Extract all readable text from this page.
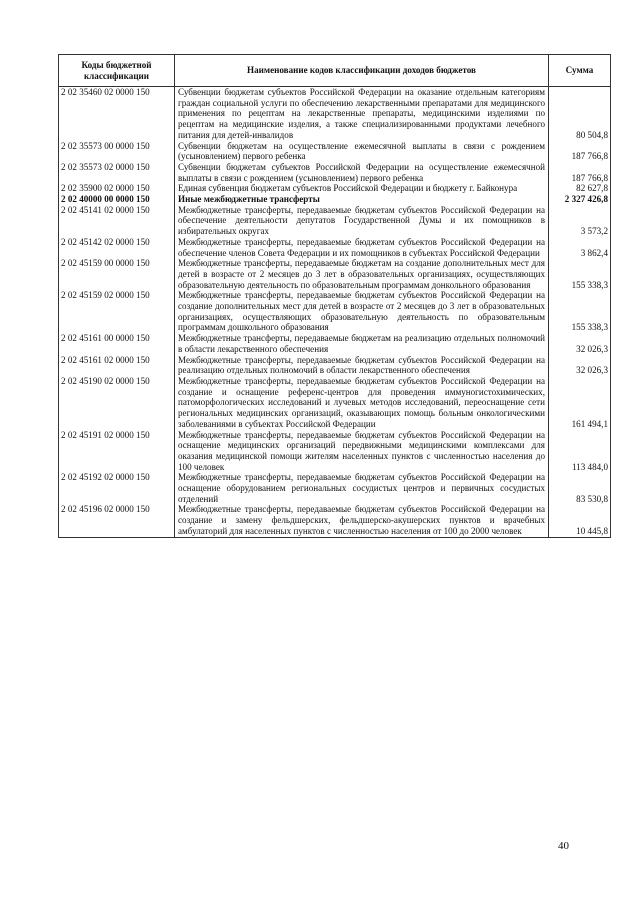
Коды бюджетной классификации	Наименование кодов классификации доходов бюджетов	Сумма
2 02 35460 02 0000 150	Субвенции бюджетам субъектов Российской Федерации на оказание отдельным категориям граждан социальной услуги по обеспечению лекарственными препаратами для медицинского применения по рецептам на лекарственные препараты, медицинскими изделиями по рецептам на медицинские изделия, а также специализированными продуктами лечебного питания для детей-инвалидов	80 504,8
2 02 35573 00 0000 150	Субвенции бюджетам на осуществление ежемесячной выплаты в связи с рождением (усыновлением) первого ребенка	187 766,8
2 02 35573 02 0000 150	Субвенции бюджетам субъектов Российской Федерации на осуществление ежемесячной выплаты в связи с рождением (усыновлением) первого ребенка	187 766,8
2 02 35900 02 0000 150	Единая субвенция бюджетам субъектов Российской Федерации и бюджету г. Байконура	82 627,8
2 02 40000 00 0000 150	Иные межбюджетные трансферты	2 327 426,8
2 02 45141 02 0000 150	Межбюджетные трансферты, передаваемые бюджетам субъектов Российской Федерации на обеспечение деятельности депутатов Государственной Думы и их помощников в избирательных округах	3 573,2
2 02 45142 02 0000 150	Межбюджетные трансферты, передаваемые бюджетам субъектов Российской Федерации на обеспечение членов Совета Федерации и их помощников в субъектах Российской Федерации	3 862,4
2 02 45159 00 0000 150	Межбюджетные трансферты, передаваемые бюджетам на создание дополнительных мест для детей в возрасте от 2 месяцев до 3 лет в образовательных организациях, осуществляющих образовательную деятельность по образовательным программам донкольного образования	155 338,3
2 02 45159 02 0000 150	Межбюджетные трансферты, передаваемые бюджетам субъектов Российской Федерации на создание дополнительных мест для детей в возрасте от 2 месяцев до 3 лет в образовательных организациях, осуществляющих образовательную деятельность по образовательным программам дошкольного образования	155 338,3
2 02 45161 00 0000 150	Межбюджетные трансферты, передаваемые бюджетам на реализацию отдельных полномочий в области лекарственного обеспечения	32 026,3
2 02 45161 02 0000 150	Межбюджетные трансферты, передаваемые бюджетам субъектов Российской Федерации на реализацию отдельных полномочий в области лекарственного обеспечения	32 026,3
2 02 45190 02 0000 150	Межбюджетные трансферты, передаваемые бюджетам субъектов Российской Федерации на создание и оснащение референс-центров для проведения иммуногистохимических, патоморфологических исследований и лучевых методов исследований, переоснащение сети региональных медицинских организаций, оказывающих помощь больным онкологическими заболеваниями в субъектах Российской Федерации	161 494,1
2 02 45191 02 0000 150	Межбюджетные трансферты, передаваемые бюджетам субъектов Российской Федерации на оснащение медицинских организаций передвижными медицинскими комплексами для оказания медицинской помощи жителям населенных пунктов с численностью населения до 100 человек	113 484,0
2 02 45192 02 0000 150	Межбюджетные трансферты, передаваемые бюджетам субъектов Российской Федерации на оснащение оборудованием региональных сосудистых центров и первичных сосудистых отделений	83 530,8
2 02 45196 02 0000 150	Межбюджетные трансферты, передаваемые бюджетам субъектов Российской Федерации на создание и замену фельдшерских, фельдшерско-акушерских пунктов и врачебных амбулаторий для населенных пунктов с численностью населения от 100 до 2000 человек	10 445,8
40
